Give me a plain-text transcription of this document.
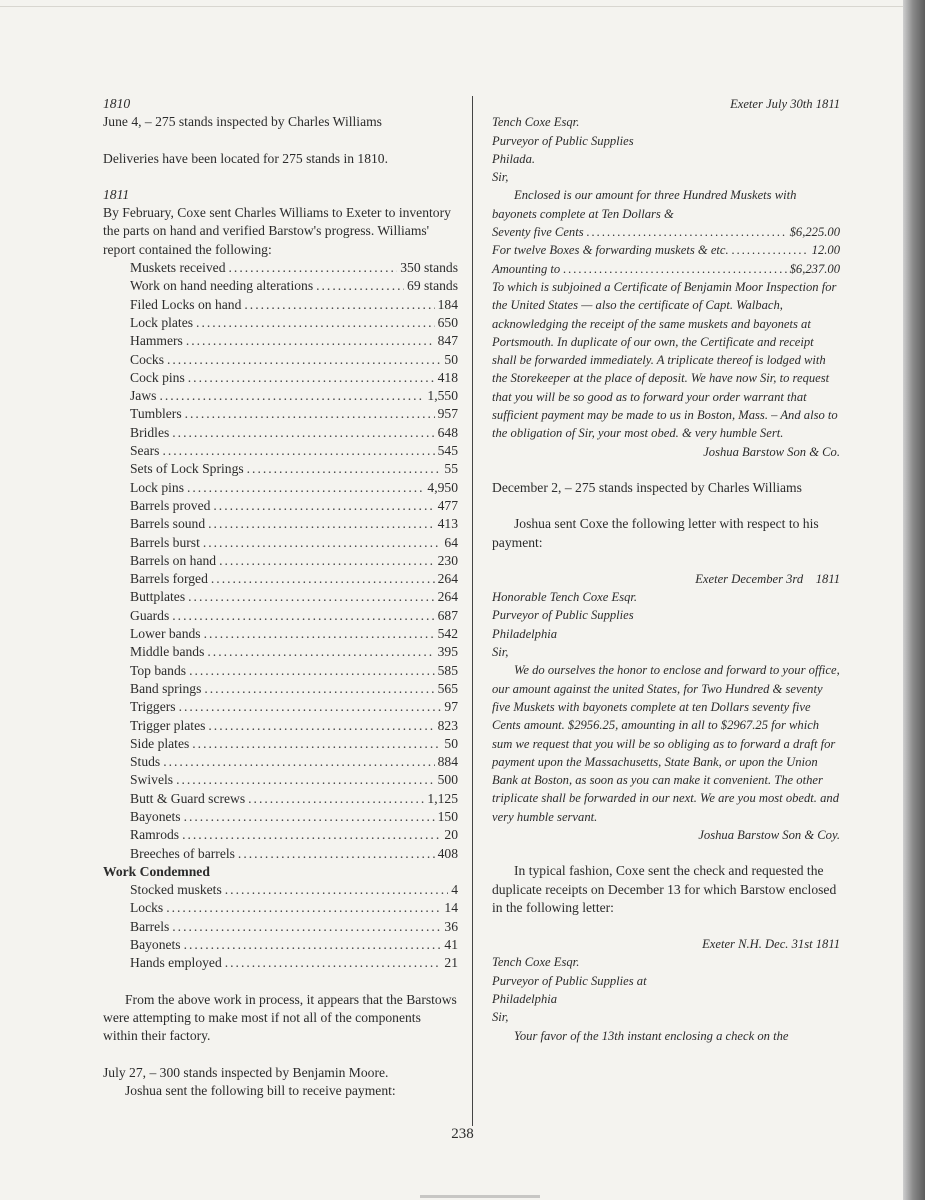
1810

June 4, – 275 stands inspected by Charles Williams

Deliveries have been located for 275 stands in 1810.

1811

By February, Coxe sent Charles Williams to Exeter to inventory the parts on hand and verified Barstow's progress. Williams' report contained the following:

Muskets received .....	350 stands
Work on hand needing alterations .....	69 stands
Filed Locks on hand .....	184
Lock plates .....	650
Hammers .....	847
Cocks .....	50
Cock pins .....	418
Jaws .....	1,550
Tumblers .....	957
Bridles .....	648
Sears .....	545
Sets of Lock Springs .....	55
Lock pins .....	4,950
Barrels proved .....	477
Barrels sound .....	413
Barrels burst .....	64
Barrels on hand .....	230
Barrels forged .....	264
Buttplates .....	264
Guards .....	687
Lower bands .....	542
Middle bands .....	395
Top bands .....	585
Band springs .....	565
Triggers .....	97
Trigger plates .....	823
Side plates .....	50
Studs .....	884
Swivels .....	500
Butt & Guard screws .....	1,125
Bayonets .....	150
Ramrods .....	20
Breeches of barrels .....	408

Work Condemned

Stocked muskets .....	4
Locks .....	14
Barrels .....	36
Bayonets .....	41
Hands employed .....	21

From the above work in process, it appears that the Barstows were attempting to make most if not all of the components within their factory.

July 27, – 300 stands inspected by Benjamin Moore.

Joshua sent the following bill to receive payment:

Exeter July 30th 1811

Tench Coxe Esqr.

Purveyor of Public Supplies

Philada.

Sir,

Enclosed is our amount for three Hundred Muskets with bayonets complete at Ten Dollars &

Seventy five Cents .....	$6,225.00
For twelve Boxes & forwarding muskets & etc. .....	12.00
Amounting to .....	$6,237.00

To which is subjoined a Certificate of Benjamin Moor Inspection for the United States — also the certificate of Capt. Walbach, acknowledging the receipt of the same muskets and bayonets at Portsmouth. In duplicate of our own, the Certificate and receipt shall be forwarded immediately. A triplicate thereof is lodged with the Storekeeper at the place of deposit. We have now Sir, to request that you will be so good as to forward your order warrant that sufficient payment may be made to us in Boston, Mass. – And also to the obligation of Sir, your most obed. & very humble Sert.

Joshua Barstow Son & Co.

December 2, – 275 stands inspected by Charles Williams

Joshua sent Coxe the following letter with respect to his payment:

Exeter December 3rd    1811

Honorable Tench Coxe Esqr.

Purveyor of Public Supplies

Philadelphia

Sir,

We do ourselves the honor to enclose and forward to your office, our amount against the united States, for Two Hundred & seventy five Muskets with bayonets complete at ten Dollars seventy five Cents amount. $2956.25, amounting in all to $2967.25 for which sum we request that you will be so obliging as to forward a draft for payment upon the Massachusetts, State Bank, or upon the Union Bank at Boston, as soon as you can make it convenient. The other triplicate shall be forwarded in our next. We are you most obedt. and very humble servant.

Joshua Barstow Son & Coy.

In typical fashion, Coxe sent the check and requested the duplicate receipts on December 13 for which Barstow enclosed in the following letter:

Exeter N.H. Dec. 31st 1811

Tench Coxe Esqr.

Purveyor of Public Supplies at

Philadelphia

Sir,

Your favor of the 13th instant enclosing a check on the

238
